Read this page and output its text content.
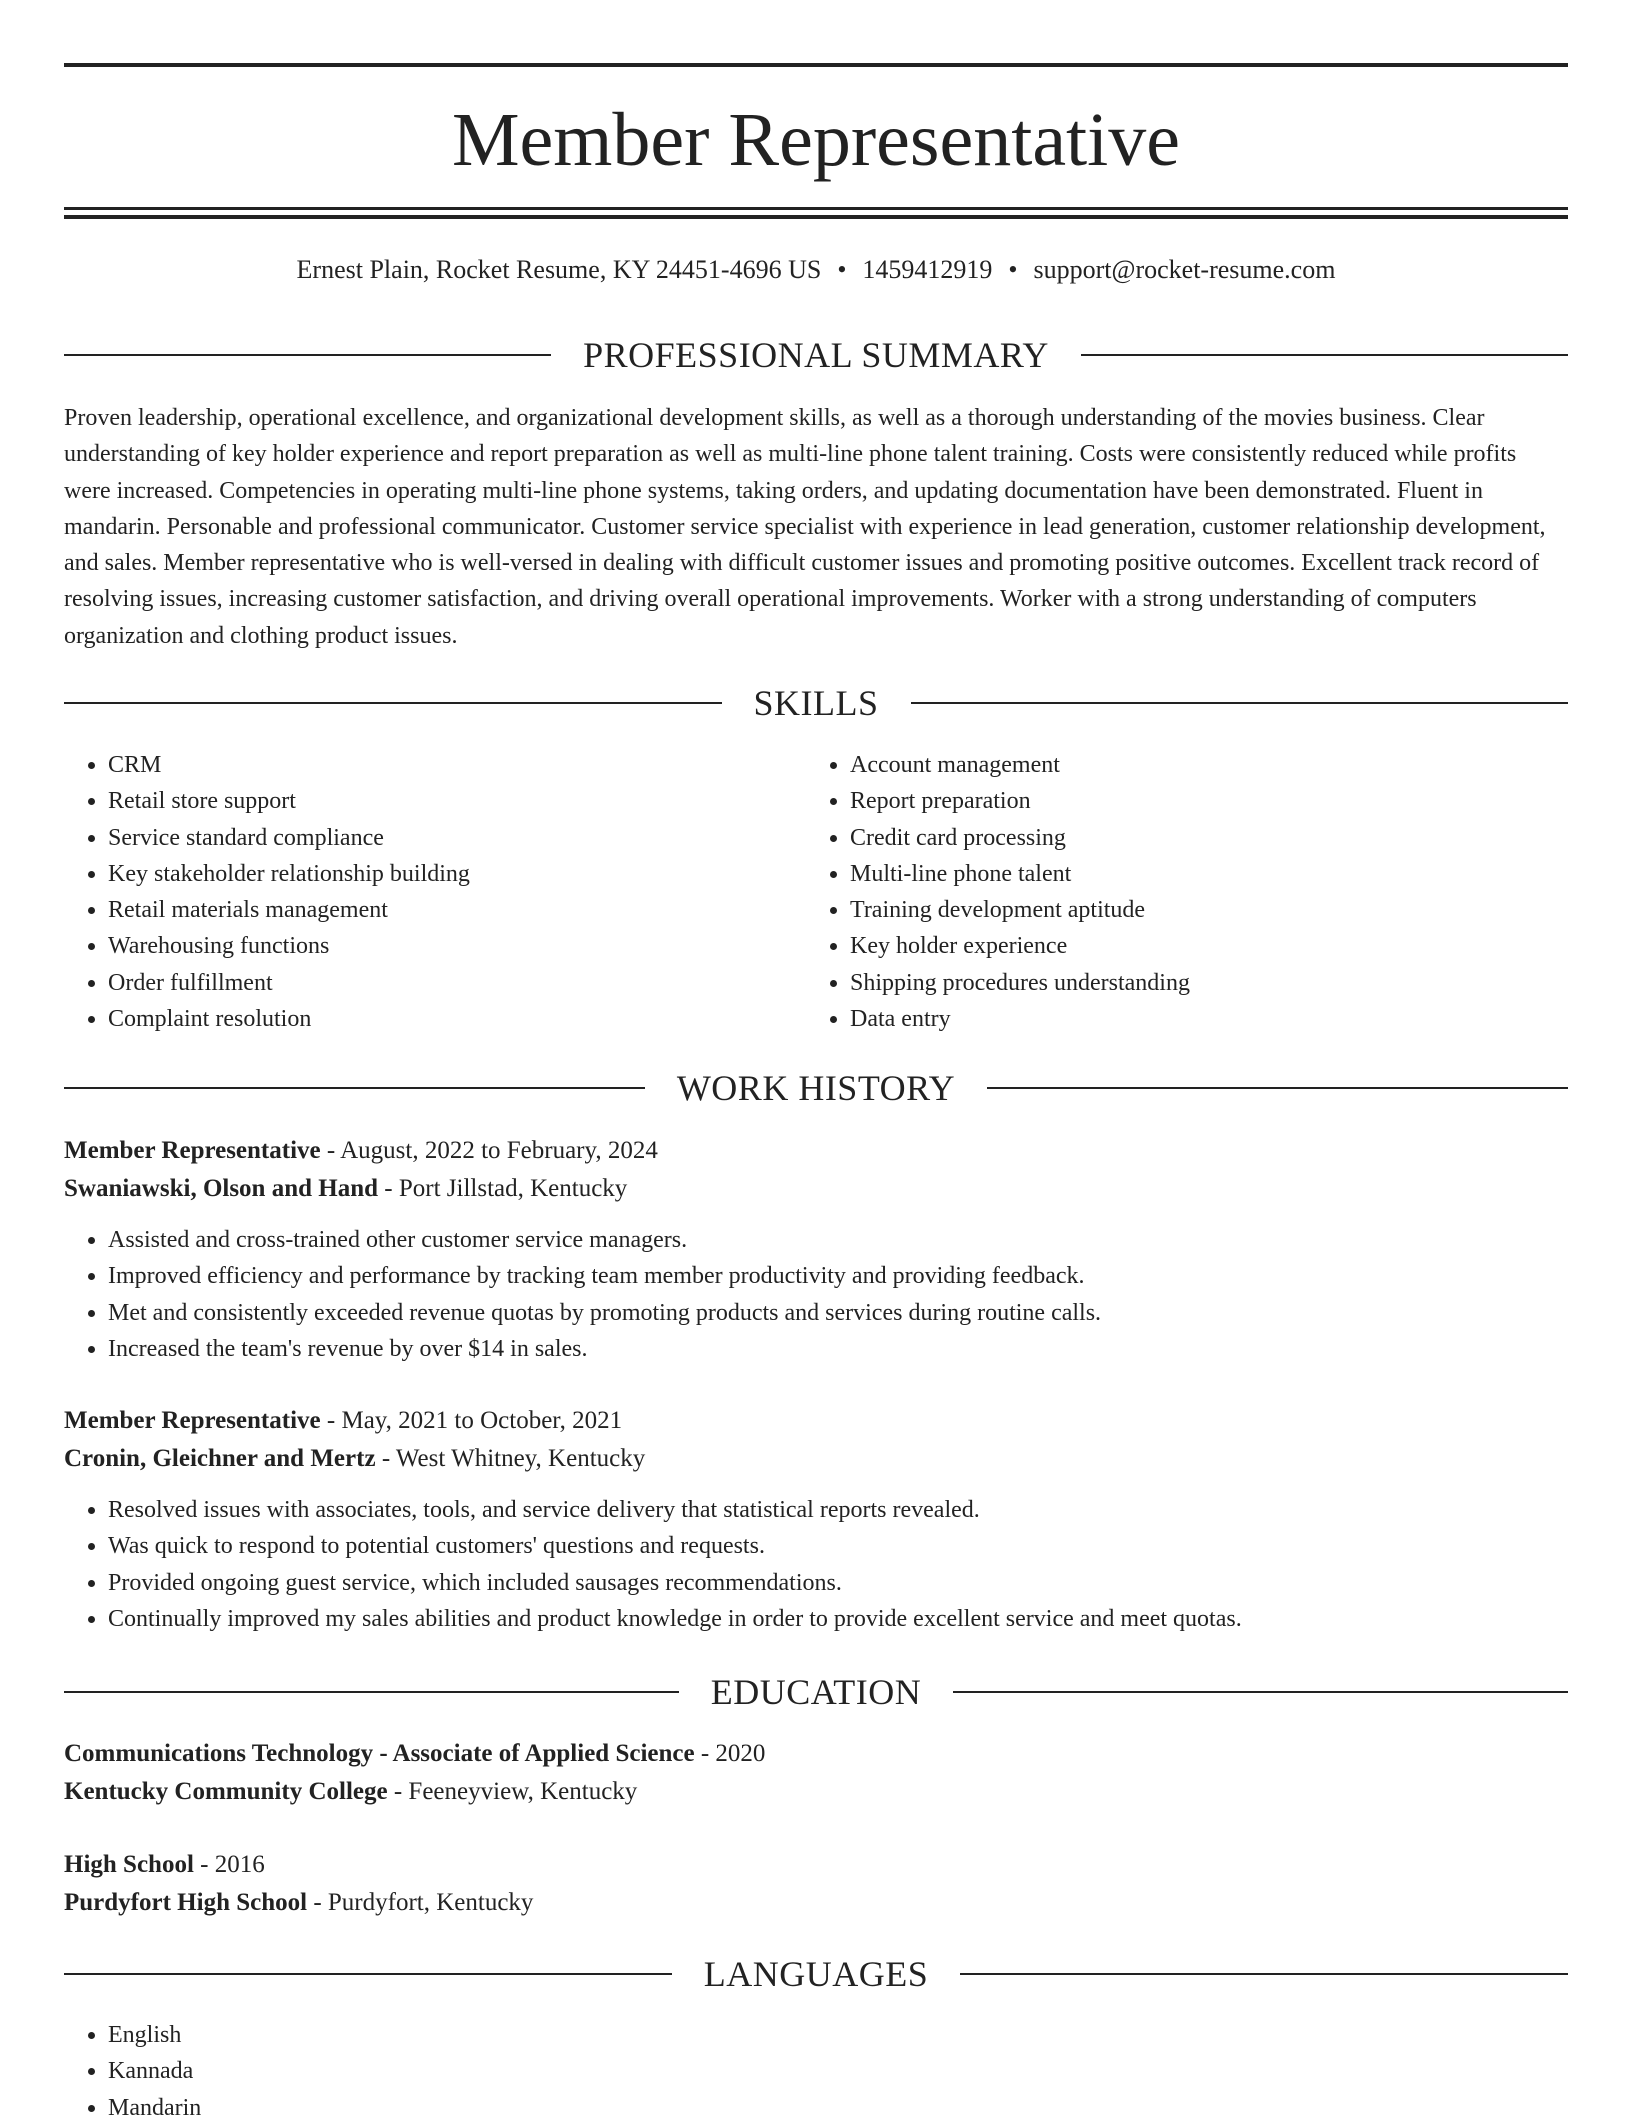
Member Representative
Ernest Plain, Rocket Resume, KY 24451-4696 US • 1459412919 • support@rocket-resume.com
PROFESSIONAL SUMMARY

Proven leadership, operational excellence, and organizational development skills, as well as a thorough understanding of the movies business. Clear understanding of key holder experience and report preparation as well as multi-line phone talent training. Costs were consistently reduced while profits were increased. Competencies in operating multi-line phone systems, taking orders, and updating documentation have been demonstrated. Fluent in mandarin. Personable and professional communicator. Customer service specialist with experience in lead generation, customer relationship development, and sales. Member representative who is well-versed in dealing with difficult customer issues and promoting positive outcomes. Excellent track record of resolving issues, increasing customer satisfaction, and driving overall operational improvements. Worker with a strong understanding of computers organization and clothing product issues.

SKILLS
• CRM
• Retail store support
• Service standard compliance
• Key stakeholder relationship building
• Retail materials management
• Warehousing functions
• Order fulfillment
• Complaint resolution
• Account management
• Report preparation
• Credit card processing
• Multi-line phone talent
• Training development aptitude
• Key holder experience
• Shipping procedures understanding
• Data entry
WORK HISTORY
Member Representative - August, 2022 to February, 2024
Swaniawski, Olson and Hand - Port Jillstad, Kentucky
• Assisted and cross-trained other customer service managers.
• Improved efficiency and performance by tracking team member productivity and providing feedback.
• Met and consistently exceeded revenue quotas by promoting products and services during routine calls.
• Increased the team's revenue by over $14 in sales.
Member Representative - May, 2021 to October, 2021
Cronin, Gleichner and Mertz - West Whitney, Kentucky
• Resolved issues with associates, tools, and service delivery that statistical reports revealed.
• Was quick to respond to potential customers' questions and requests.
• Provided ongoing guest service, which included sausages recommendations.
• Continually improved my sales abilities and product knowledge in order to provide excellent service and meet quotas.
EDUCATION
Communications Technology - Associate of Applied Science - 2020
Kentucky Community College - Feeneyview, Kentucky
High School - 2016
Purdyfort High School - Purdyfort, Kentucky
LANGUAGES
• English
• Kannada
• Mandarin
